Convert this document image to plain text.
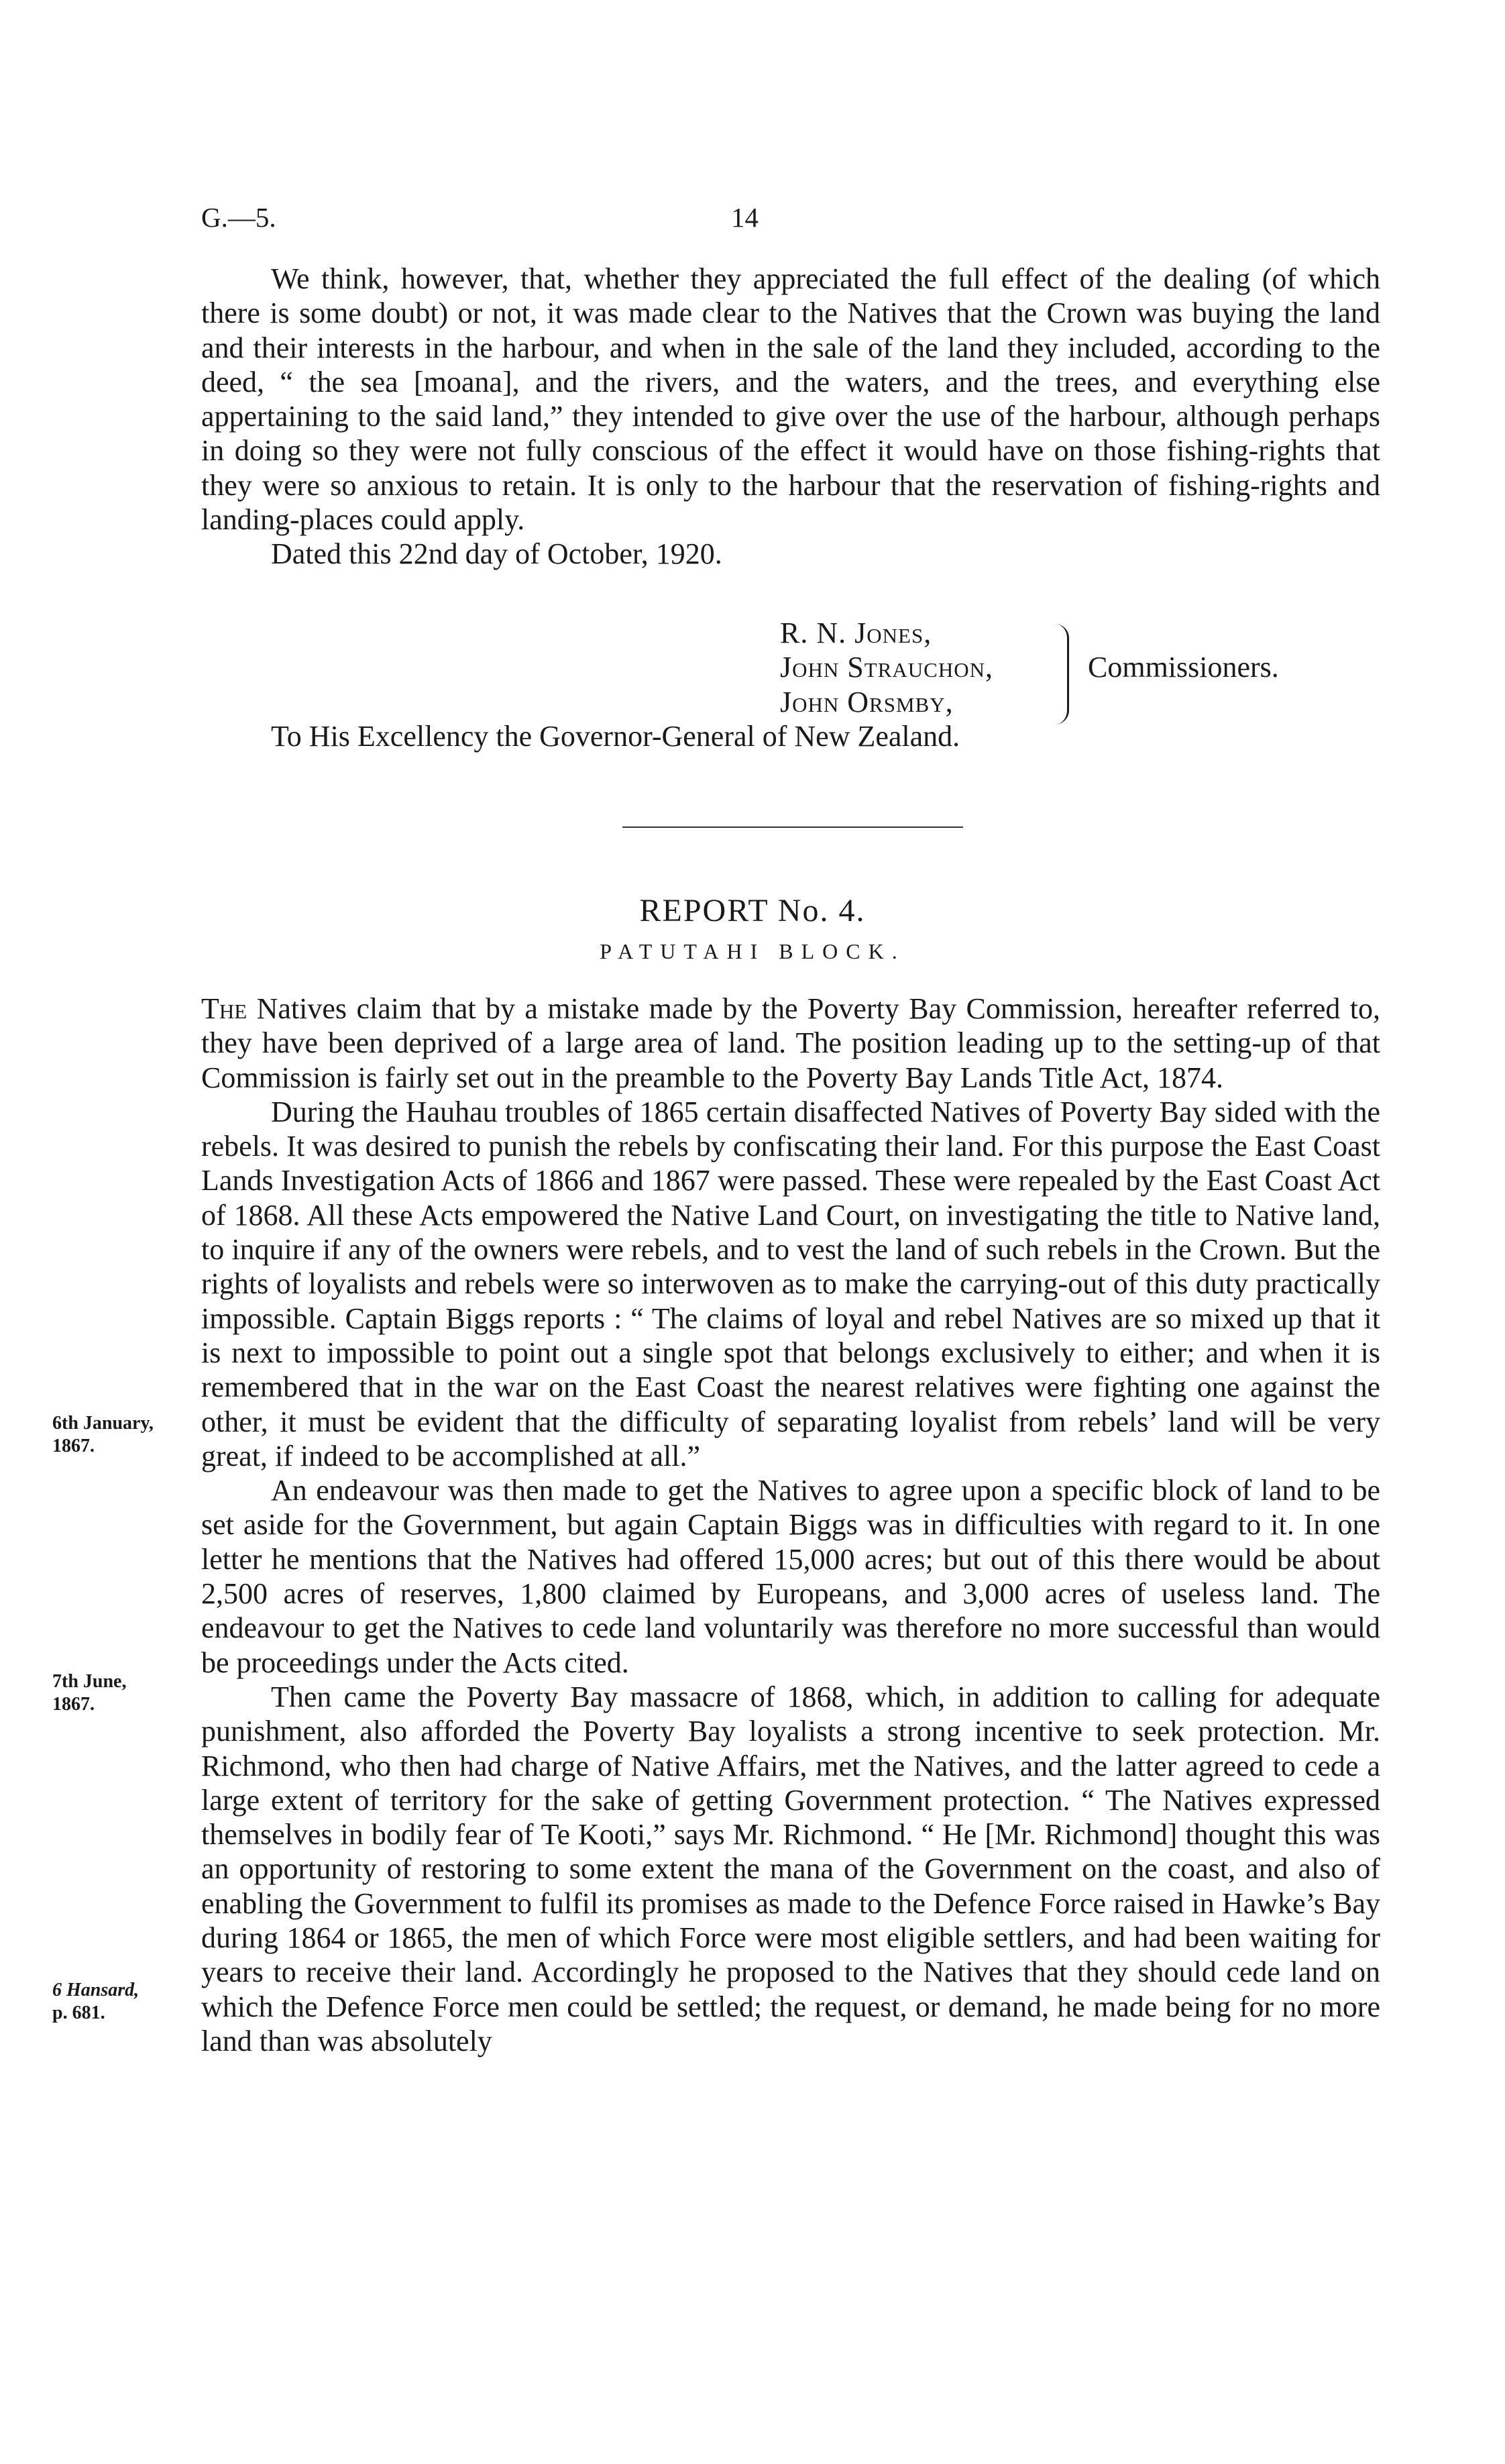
G.—5.	14

We think, however, that, whether they appreciated the full effect of the dealing (of which there is some doubt) or not, it was made clear to the Natives that the Crown was buying the land and their interests in the harbour, and when in the sale of the land they included, according to the deed, “ the sea [moana], and the rivers, and the waters, and the trees, and everything else appertaining to the said land,” they intended to give over the use of the harbour, although perhaps in doing so they were not fully conscious of the effect it would have on those fishing-rights that they were so anxious to retain. It is only to the harbour that the reservation of fishing-rights and landing-places could apply.

Dated this 22nd day of October, 1920.

R. N. Jones,
John Strauchon,
John Orsmby,
Commissioners.
To His Excellency the Governor-General of New Zealand.
REPORT No. 4.
PATUTAHI BLOCK.

The Natives claim that by a mistake made by the Poverty Bay Commission, hereafter referred to, they have been deprived of a large area of land. The position leading up to the setting-up of that Commission is fairly set out in the preamble to the Poverty Bay Lands Title Act, 1874.

During the Hauhau troubles of 1865 certain disaffected Natives of Poverty Bay sided with the rebels. It was desired to punish the rebels by confiscating their land. For this purpose the East Coast Lands Investigation Acts of 1866 and 1867 were passed. These were repealed by the East Coast Act of 1868. All these Acts empowered the Native Land Court, on investigating the title to Native land, to inquire if any of the owners were rebels, and to vest the land of such rebels in the Crown. But the rights of loyalists and rebels were so interwoven as to make the carrying-out of this duty practically impossible. Captain Biggs reports : “ The claims of loyal and rebel Natives are so mixed up that it is next to impossible to point out a single spot that belongs exclusively to either; and when it is remembered that in the war on the East Coast the nearest relatives were fighting one against the other, it must be evident that the difficulty of separating loyalist from rebels’ land will be very great, if indeed to be accomplished at all.”

An endeavour was then made to get the Natives to agree upon a specific block of land to be set aside for the Government, but again Captain Biggs was in difficulties with regard to it. In one letter he mentions that the Natives had offered 15,000 acres; but out of this there would be about 2,500 acres of reserves, 1,800 claimed by Europeans, and 3,000 acres of useless land. The endeavour to get the Natives to cede land voluntarily was therefore no more successful than would be proceedings under the Acts cited.

Then came the Poverty Bay massacre of 1868, which, in addition to calling for adequate punishment, also afforded the Poverty Bay loyalists a strong incentive to seek protection. Mr. Richmond, who then had charge of Native Affairs, met the Natives, and the latter agreed to cede a large extent of territory for the sake of getting Government protection. “ The Natives expressed themselves in bodily fear of Te Kooti,” says Mr. Richmond. “ He [Mr. Richmond] thought this was an opportunity of restoring to some extent the mana of the Government on the coast, and also of enabling the Government to fulfil its promises as made to the Defence Force raised in Hawke’s Bay during 1864 or 1865, the men of which Force were most eligible settlers, and had been waiting for years to receive their land. Accordingly he proposed to the Natives that they should cede land on which the Defence Force men could be settled; the request, or demand, he made being for no more land than was absolutely

6th January,
1867.
7th June,
1867.
6 Hansard,
p. 681.
